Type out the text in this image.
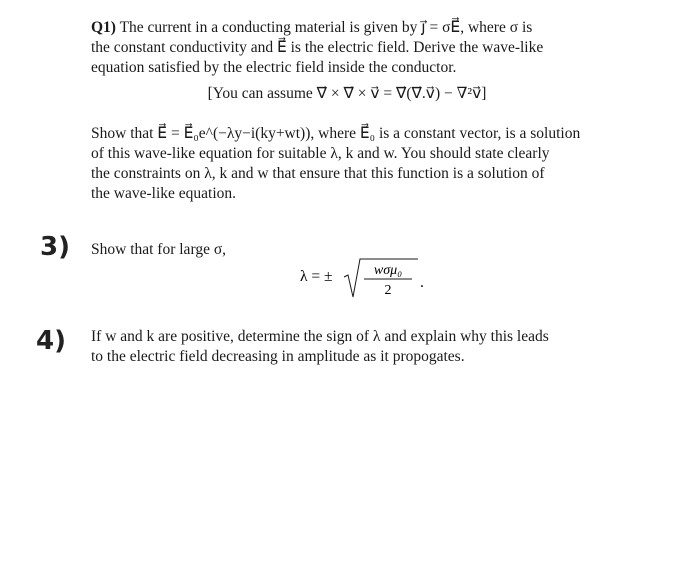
Q1) The current in a conducting material is given by j⃗ = σE⃗, where σ is
the constant conductivity and E⃗ is the electric field. Derive the wave-like
equation satisfied by the electric field inside the conductor.
[You can assume ∇⃗ × ∇⃗ × v⃗ = ∇⃗(∇⃗.v⃗) − ∇²v⃗]
Show that E⃗ = E⃗₀e^(−λy−i(ky+wt)), where E⃗₀ is a constant vector, is a solution
of this wave-like equation for suitable λ, k and w. You should state clearly
the constraints on λ, k and w that ensure that this function is a solution of
the wave-like equation.
3) Show that for large σ,
λ = ±	wσμ₀
2 .
4) If w and k are positive, determine the sign of λ and explain why this leads
to the electric field decreasing in amplitude as it propogates.
